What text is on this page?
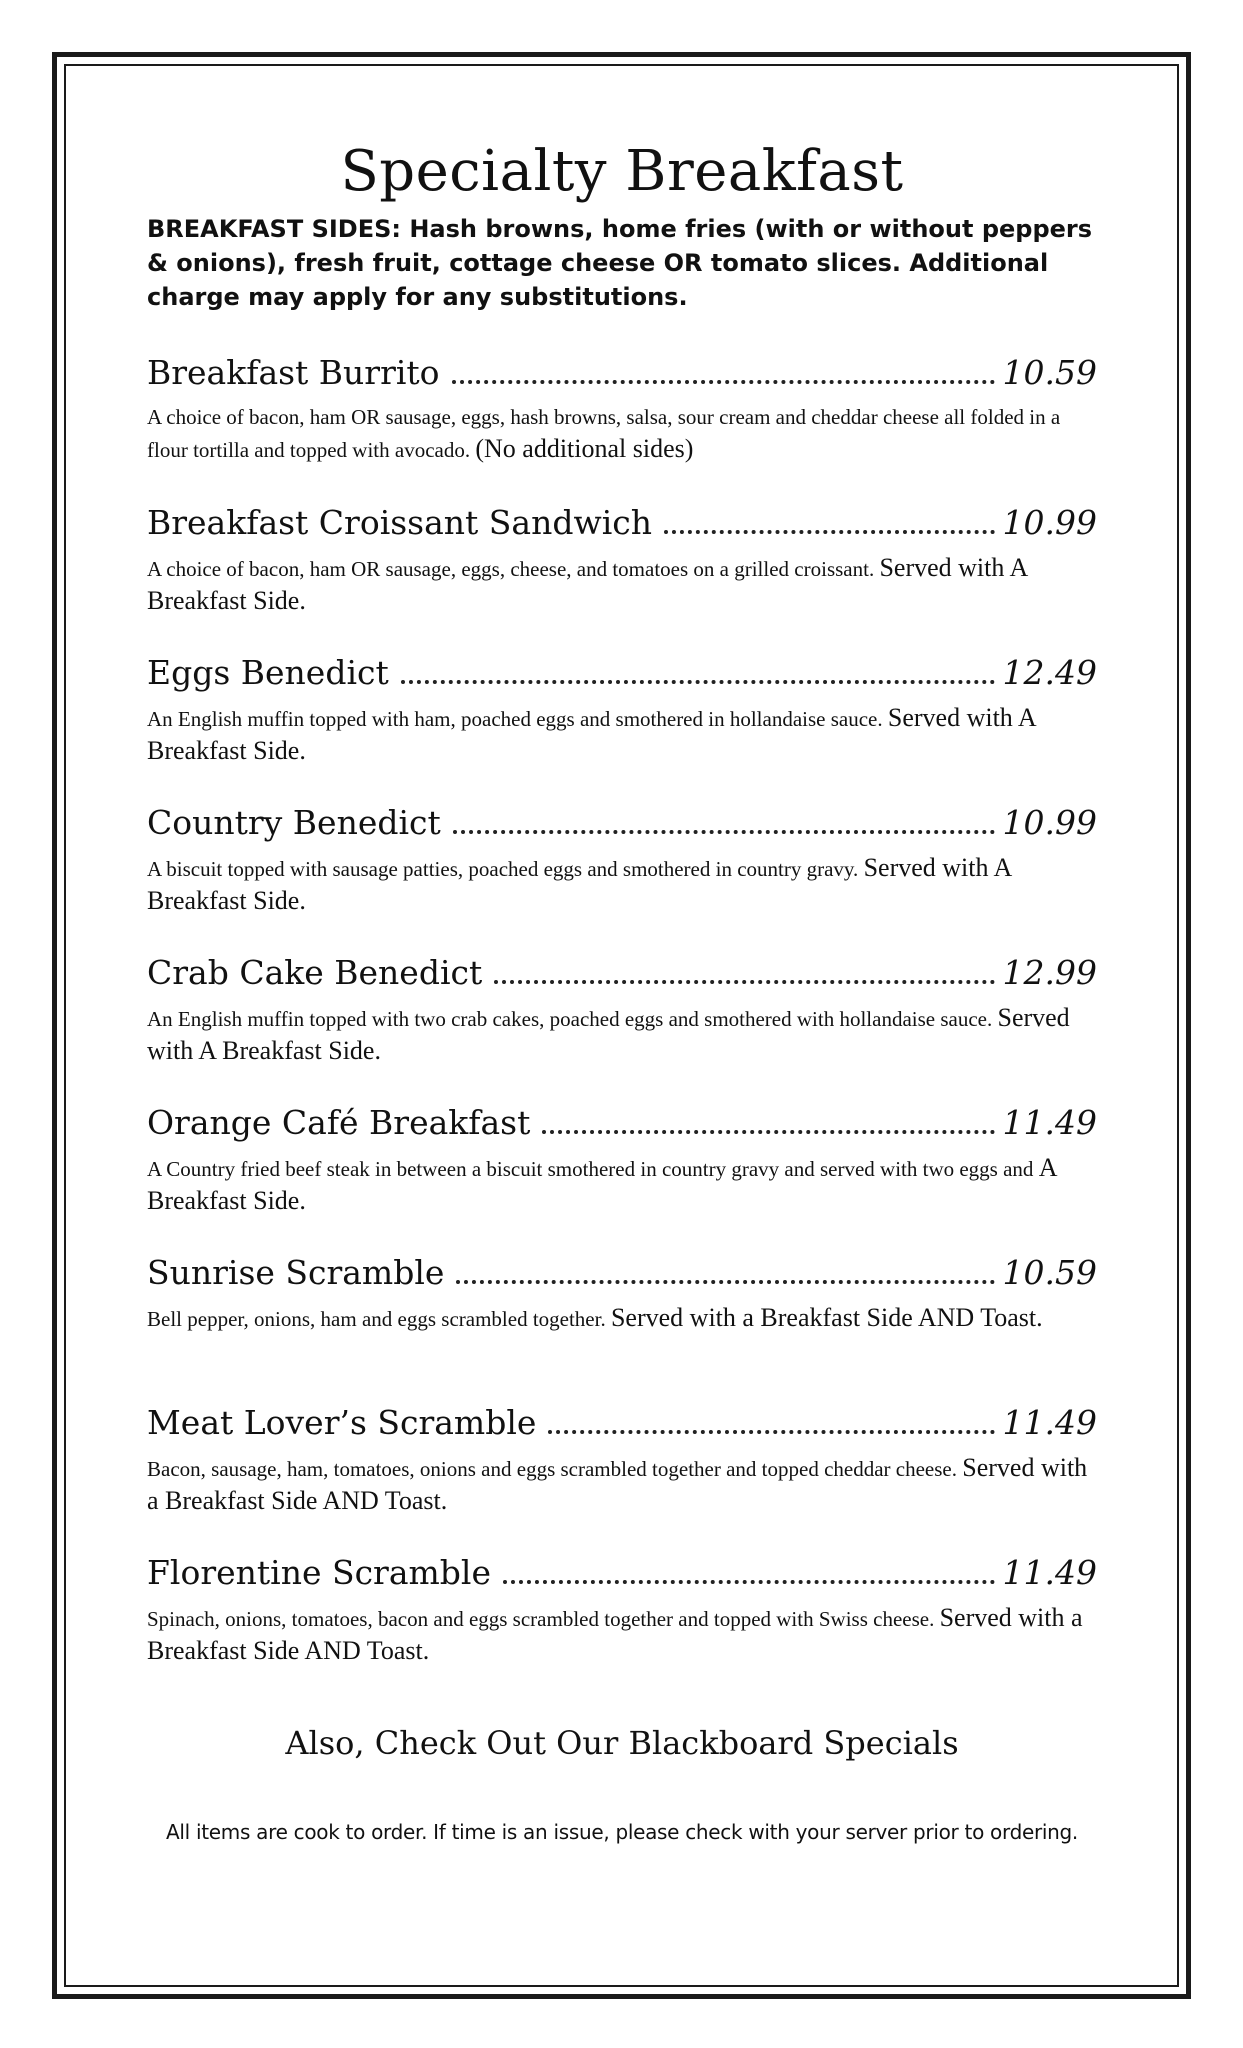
Specialty Breakfast

BREAKFAST SIDES: Hash browns, home fries (with or without peppers & onions), fresh fruit, cottage cheese OR tomato slices. Additional charge may apply for any substitutions.

Breakfast Burrito	10.59
A choice of bacon, ham OR sausage, eggs, hash browns, salsa, sour cream and cheddar cheese all folded in a flour tortilla and topped with avocado. (No additional sides)
Breakfast Croissant Sandwich	10.99
A choice of bacon, ham OR sausage, eggs, cheese, and tomatoes on a grilled croissant. Served with A Breakfast Side.
Eggs Benedict	12.49
An English muffin topped with ham, poached eggs and smothered in hollandaise sauce. Served with A Breakfast Side.
Country Benedict	10.99
A biscuit topped with sausage patties, poached eggs and smothered in country gravy. Served with A Breakfast Side.
Crab Cake Benedict	12.99
An English muffin topped with two crab cakes, poached eggs and smothered with hollandaise sauce. Served with A Breakfast Side.
Orange Café Breakfast	11.49
A Country fried beef steak in between a biscuit smothered in country gravy and served with two eggs and A Breakfast Side.
Sunrise Scramble	10.59
Bell pepper, onions, ham and eggs scrambled together. Served with a Breakfast Side AND Toast.
Meat Lover’s Scramble	11.49
Bacon, sausage, ham, tomatoes, onions and eggs scrambled together and topped cheddar cheese. Served with a Breakfast Side AND Toast.
Florentine Scramble	11.49
Spinach, onions, tomatoes, bacon and eggs scrambled together and topped with Swiss cheese. Served with a Breakfast Side AND Toast.
Also, Check Out Our Blackboard Specials
All items are cook to order. If time is an issue, please check with your server prior to ordering.
